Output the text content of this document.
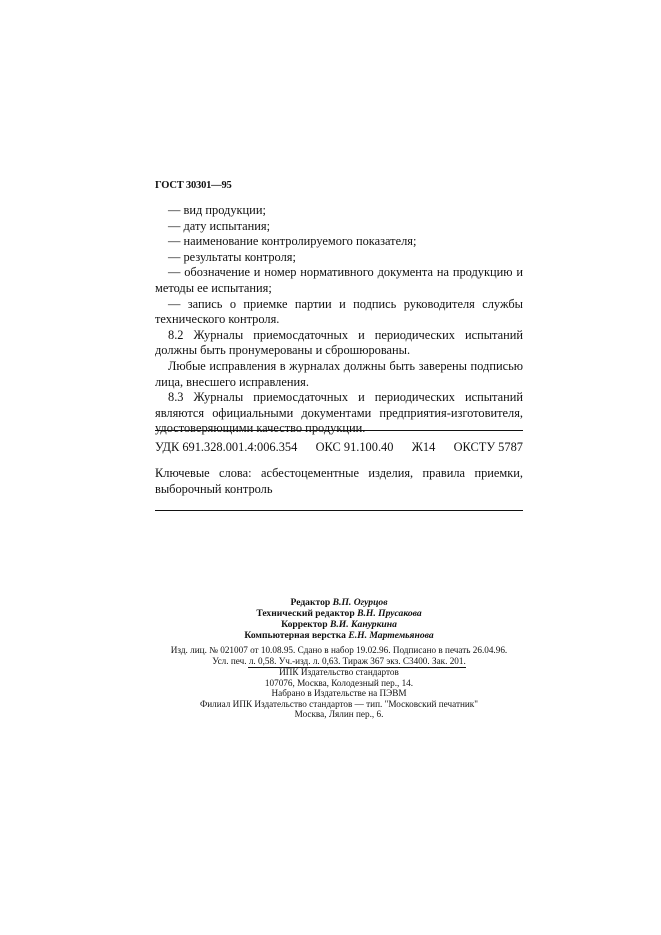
ГОСТ 30301—95

— вид продукции;

— дату испытания;

— наименование контролируемого показателя;

— результаты контроля;

— обозначение и номер нормативного документа на продукцию и методы ее испытания;

— запись о приемке партии и подпись руководителя службы технического контроля.

8.2 Журналы приемосдаточных и периодических испытаний должны быть пронумерованы и сброшюрованы.

Любые исправления в журналах должны быть заверены подписью лица, внесшего исправления.

8.3 Журналы приемосдаточных и периодических испытаний являются официальными документами предприятия-изготовителя, удостоверяющими качество продукции.

УДК 691.328.001.4:006.354 ОКС 91.100.40 Ж14 ОКСТУ 5787
Ключевые слова: асбестоцементные изделия, правила приемки, выборочный контроль
Редактор В.П. Огурцов
Технический редактор В.Н. Прусакова
Корректор В.И. Кануркина
Компьютерная верстка Е.Н. Мартемьянова
Изд. лиц. № 021007 от 10.08.95. Сдано в набор 19.02.96. Подписано в печать 26.04.96.
Усл. печ. л. 0,58. Уч.-изд. л. 0,63. Тираж 367 экз. С3400. Зак. 201.
ИПК Издательство стандартов
107076, Москва, Колодезный пер., 14.
Набрано в Издательстве на ПЭВМ
Филиал ИПК Издательство стандартов — тип. "Московский печатник"
Москва, Лялин пер., 6.
